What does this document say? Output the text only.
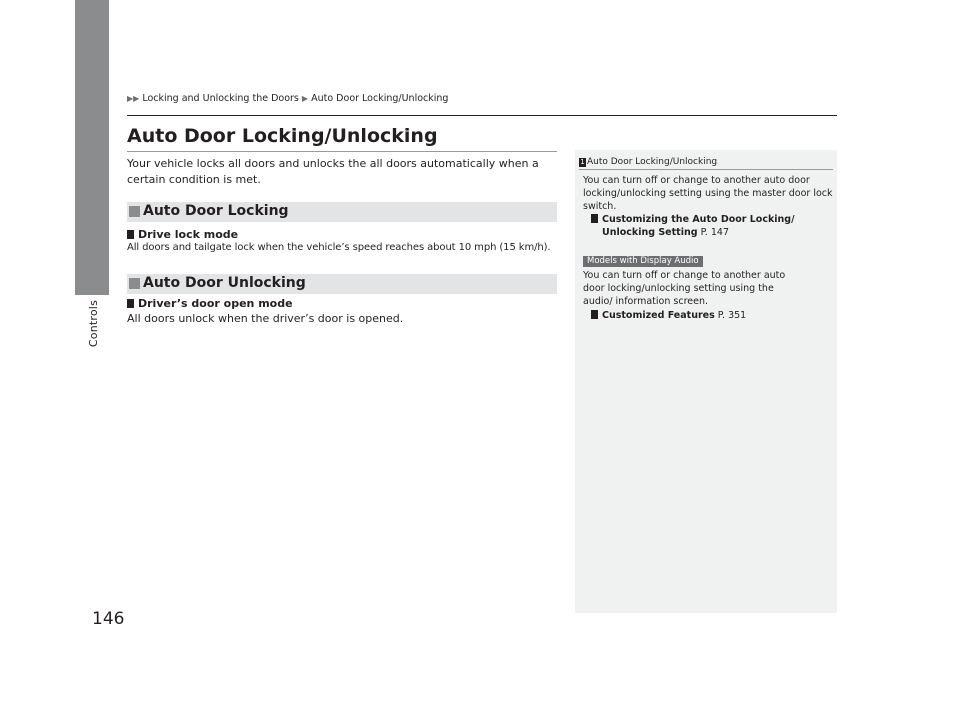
Controls
146
▶▶ Locking and Unlocking the Doors ▶ Auto Door Locking/Unlocking
Auto Door Locking/Unlocking
Your vehicle locks all doors and unlocks the all doors automatically when a certain condition is met.
Auto Door Locking
Drive lock mode
All doors and tailgate lock when the vehicle’s speed reaches about 10 mph (15 km/h).
Auto Door Unlocking
Driver’s door open mode
All doors unlock when the driver’s door is opened.
1 Auto Door Locking/Unlocking
You can turn off or change to another auto door locking/unlocking setting using the master door lock switch.
Customizing the Auto Door Locking/
Unlocking Setting P. 147
Models with Display Audio
You can turn off or change to another auto door locking/unlocking setting using the audio/ information screen.
Customized Features P. 351
